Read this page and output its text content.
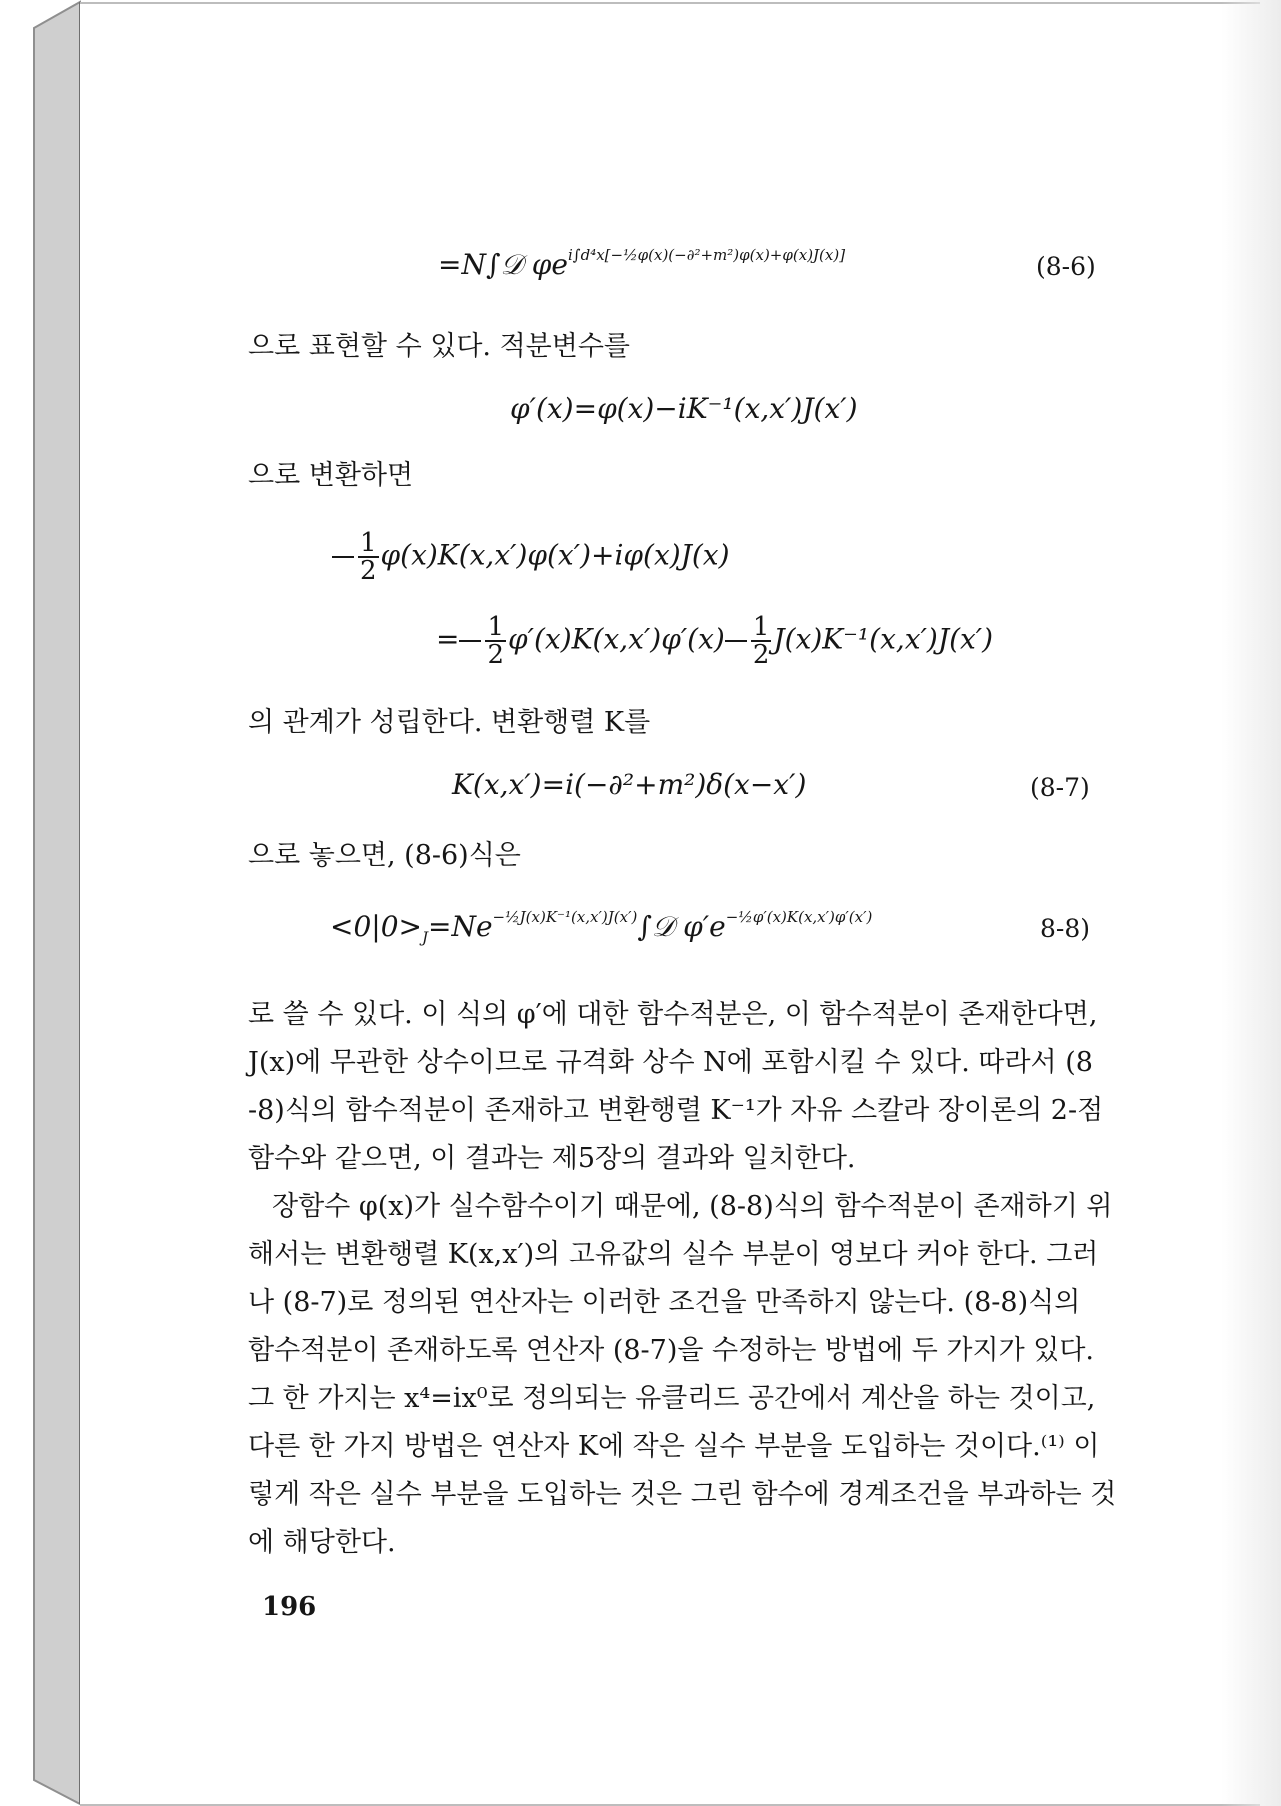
=N∫𝒟 $\varphi e^{i\int d^4x[-\frac{1}{2}\varphi(x)(-\partial^2+m^2)\varphi(x)+\varphi(x)J(x)]}$	(8-6)
으로 표현할 수 있다. 적분변수를
φ′(x)=φ(x)−iK⁻¹(x,x′)J(x′)
으로 변환하면
$\frac{1}{2} \varphi(x)K(x,x')\varphi(x')+i\varphi(x)J(x)$
= $\frac{1}{2} \varphi'(x)K(x,x')\varphi'(x) \frac{1}{2} J(x)K^{-1}(x,x')J(x')$
의 관계가 성립한다. 변환행렬 K를
K(x,x′)=i(−∂²+m²)δ(x−x′)	(8-7)
으로 놓으면, (8-6)식은
$<0|0>_J=Ne^{-\frac{1}{2}J(x)K^{-1}(x,x')J(x')}\int 𝒟$ $\varphi'e^{-\frac{1}{2}\varphi'(x)K(x,x')\varphi'(x')}$	8-8)
로 쓸 수 있다. 이 식의 φ′에 대한 함수적분은, 이 함수적분이 존재한다면,
J(x)에 무관한 상수이므로 규격화 상수 N에 포함시킬 수 있다. 따라서 (8
-8)식의 함수적분이 존재하고 변환행렬 K⁻¹가 자유 스칼라 장이론의 2-점
함수와 같으면, 이 결과는 제5장의 결과와 일치한다.
장함수 φ(x)가 실수함수이기 때문에, (8-8)식의 함수적분이 존재하기 위
해서는 변환행렬 K(x,x′)의 고유값의 실수 부분이 영보다 커야 한다. 그러
나 (8-7)로 정의된 연산자는 이러한 조건을 만족하지 않는다. (8-8)식의
함수적분이 존재하도록 연산자 (8-7)을 수정하는 방법에 두 가지가 있다.
그 한 가지는 x⁴=ix⁰로 정의되는 유클리드 공간에서 계산을 하는 것이고,
다른 한 가지 방법은 연산자 K에 작은 실수 부분을 도입하는 것이다.⁽¹⁾ 이
렇게 작은 실수 부분을 도입하는 것은 그린 함수에 경계조건을 부과하는 것
에 해당한다.
196
